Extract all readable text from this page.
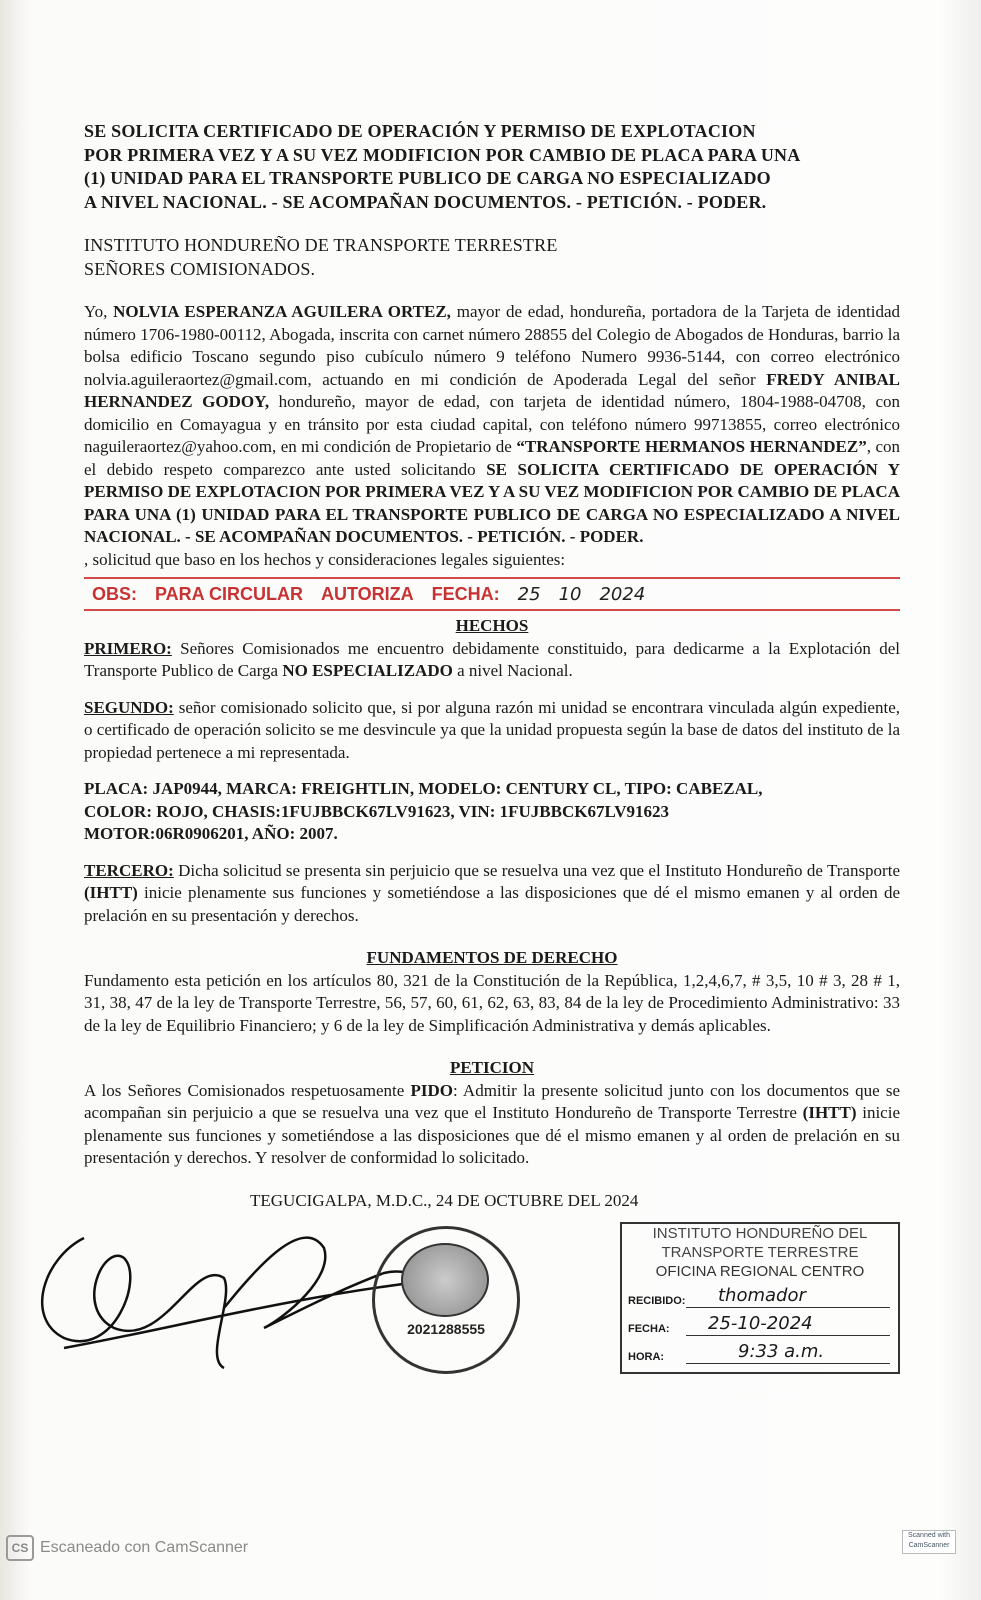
SE SOLICITA CERTIFICADO DE OPERACIÓN Y PERMISO DE EXPLOTACION
POR PRIMERA VEZ Y A SU VEZ MODIFICION POR CAMBIO DE PLACA PARA UNA
(1) UNIDAD PARA EL TRANSPORTE PUBLICO DE CARGA NO ESPECIALIZADO
A NIVEL NACIONAL. - SE ACOMPAÑAN DOCUMENTOS. - PETICIÓN. - PODER.
INSTITUTO HONDUREÑO DE TRANSPORTE TERRESTRE
SEÑORES COMISIONADOS.
Yo, NOLVIA ESPERANZA AGUILERA ORTEZ, mayor de edad, hondureña, portadora de la Tarjeta de identidad número 1706-1980-00112, Abogada, inscrita con carnet número 28855 del Colegio de Abogados de Honduras, barrio la bolsa edificio Toscano segundo piso cubículo número 9 teléfono Numero 9936-5144, con correo electrónico nolvia.aguileraortez@gmail.com, actuando en mi condición de Apoderada Legal del señor FREDY ANIBAL HERNANDEZ GODOY, hondureño, mayor de edad, con tarjeta de identidad número, 1804-1988-04708, con domicilio en Comayagua y en tránsito por esta ciudad capital, con teléfono número 99713855, correo electrónico naguileraortez@yahoo.com, en mi condición de Propietario de “TRANSPORTE HERMANOS HERNANDEZ”, con el debido respeto comparezco ante usted solicitando SE SOLICITA CERTIFICADO DE OPERACIÓN Y PERMISO DE EXPLOTACION POR PRIMERA VEZ Y A SU VEZ MODIFICION POR CAMBIO DE PLACA PARA UNA (1) UNIDAD PARA EL TRANSPORTE PUBLICO DE CARGA NO ESPECIALIZADO A NIVEL NACIONAL. - SE ACOMPAÑAN DOCUMENTOS. - PETICIÓN. - PODER.
, solicitud que baso en los hechos y consideraciones legales siguientes:
OBS: PARA CIRCULAR AUTORIZA FECHA: 25 10 2024
HECHOS
PRIMERO: Señores Comisionados me encuentro debidamente constituido, para dedicarme a la Explotación del Transporte Publico de Carga NO ESPECIALIZADO a nivel Nacional.
SEGUNDO: señor comisionado solicito que, si por alguna razón mi unidad se encontrara vinculada algún expediente, o certificado de operación solicito se me desvincule ya que la unidad propuesta según la base de datos del instituto de la propiedad pertenece a mi representada.
PLACA: JAP0944, MARCA: FREIGHTLIN, MODELO: CENTURY CL, TIPO: CABEZAL,
COLOR: ROJO, CHASIS:1FUJBBCK67LV91623, VIN: 1FUJBBCK67LV91623
MOTOR:06R0906201, AÑO: 2007.
TERCERO: Dicha solicitud se presenta sin perjuicio que se resuelva una vez que el Instituto Hondureño de Transporte (IHTT) inicie plenamente sus funciones y sometiéndose a las disposiciones que dé el mismo emanen y al orden de prelación en su presentación y derechos.
FUNDAMENTOS DE DERECHO
Fundamento esta petición en los artículos 80, 321 de la Constitución de la República, 1,2,4,6,7, # 3,5, 10 # 3, 28 # 1, 31, 38, 47 de la ley de Transporte Terrestre, 56, 57, 60, 61, 62, 63, 83, 84 de la ley de Procedimiento Administrativo: 33 de la ley de Equilibrio Financiero; y 6 de la ley de Simplificación Administrativa y demás aplicables.
PETICION
A los Señores Comisionados respetuosamente PIDO: Admitir la presente solicitud junto con los documentos que se acompañan sin perjuicio a que se resuelva una vez que el Instituto Hondureño de Transporte Terrestre (IHTT) inicie plenamente sus funciones y sometiéndose a las disposiciones que dé el mismo emanen y al orden de prelación en su presentación y derechos. Y resolver de conformidad lo solicitado.
TEGUCIGALPA, M.D.C., 24 DE OCTUBRE DEL 2024
2021288555
INSTITUTO HONDUREÑO DEL
TRANSPORTE TERRESTRE
OFICINA REGIONAL CENTRO
RECIBIDO: thomador
FECHA: 25-10-2024
HORA:	9:33 a.m.
Scanned with CamScanner
CS Escaneado con CamScanner
